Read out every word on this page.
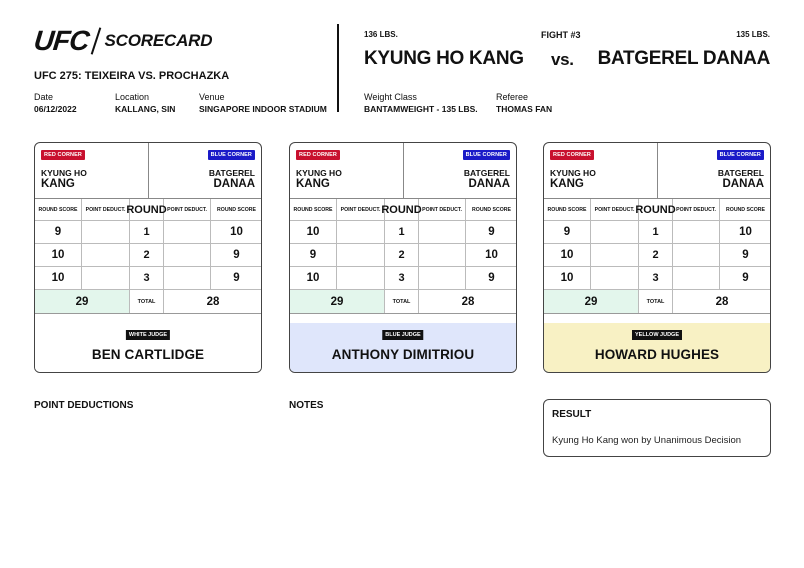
UFC SCORECARD
UFC 275: TEIXEIRA VS. PROCHAZKA
Date
06/12/2022
Location
KALLANG, SIN
Venue
SINGAPORE INDOOR STADIUM
136 LBS.
KYUNG HO KANG
FIGHT #3
vs.
135 LBS.
BATGEREL DANAA
Weight Class
BANTAMWEIGHT - 135 LBS.
Referee
THOMAS FAN
RED CORNER	BLUE CORNER
KYUNG HO
KANG
BATGEREL
DANAA
ROUND SCORE	POINT DEDUCT. ROUND POINT DEDUCT.	ROUND SCORE
9	1	10
10	2	9
10	3	9
29	TOTAL	28
WHITE JUDGE
BEN CARTLIDGE
RED CORNER	BLUE CORNER
KYUNG HO
KANG
BATGEREL
DANAA
ROUND SCORE	POINT DEDUCT. ROUND POINT DEDUCT.	ROUND SCORE
10	1	9
9	2	10
10	3	9
29	TOTAL	28
BLUE JUDGE
ANTHONY DIMITRIOU
RED CORNER	BLUE CORNER
KYUNG HO
KANG
BATGEREL
DANAA
ROUND SCORE	POINT DEDUCT. ROUND POINT DEDUCT.	ROUND SCORE
9	1	10
10	2	9
10	3	9
29	TOTAL	28
YELLOW JUDGE
HOWARD HUGHES
POINT DEDUCTIONS	NOTES
RESULT
Kyung Ho Kang won by Unanimous Decision
